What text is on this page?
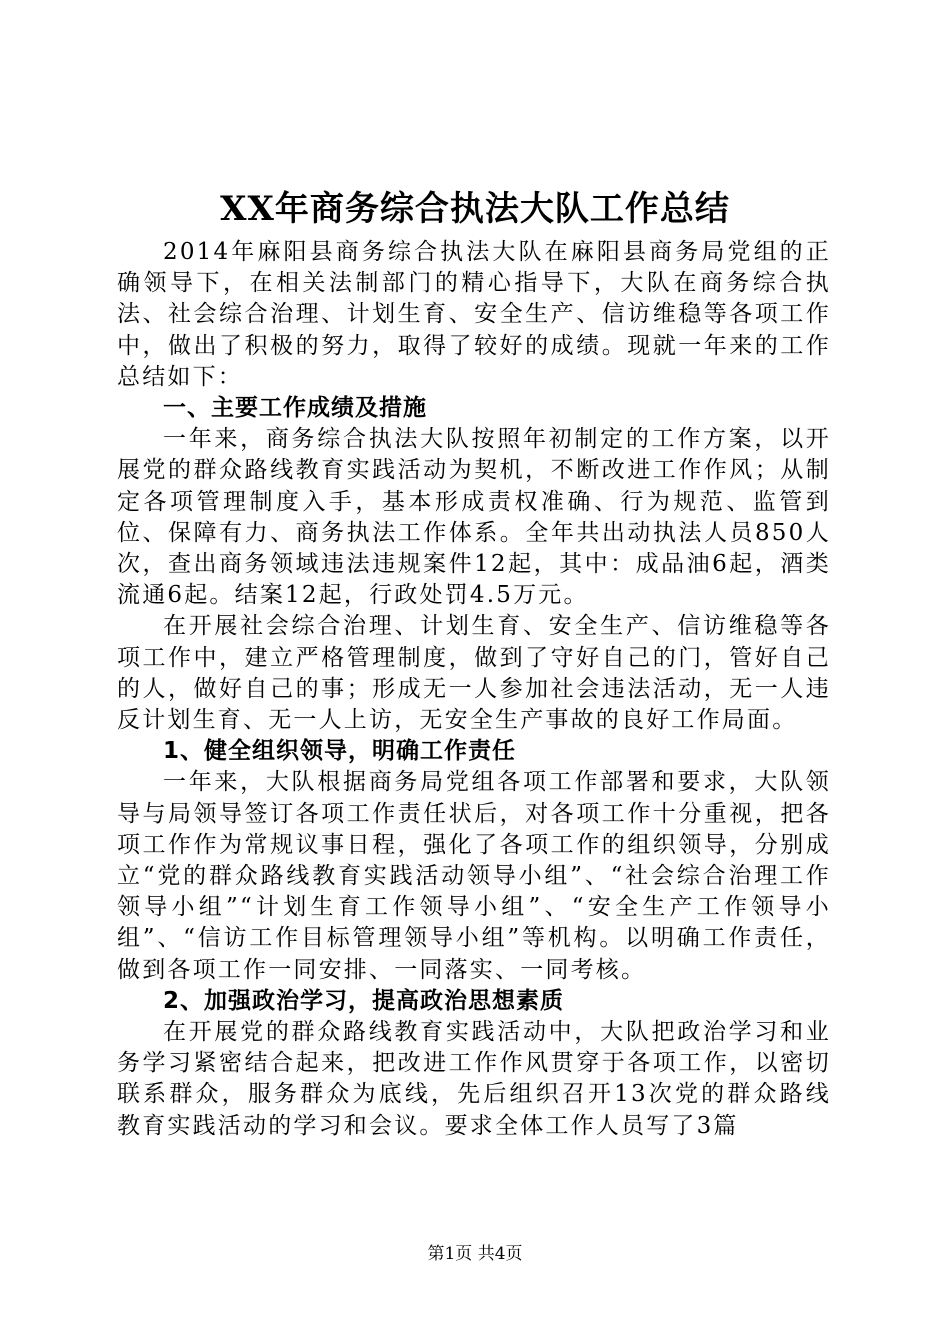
XX年商务综合执法大队工作总结

2014年麻阳县商务综合执法大队在麻阳县商务局党组的正确领导下，在相关法制部门的精心指导下，大队在商务综合执法、社会综合治理、计划生育、安全生产、信访维稳等各项工作中，做出了积极的努力，取得了较好的成绩。现就一年来的工作总结如下：

一、主要工作成绩及措施

一年来，商务综合执法大队按照年初制定的工作方案，以开展党的群众路线教育实践活动为契机，不断改进工作作风；从制定各项管理制度入手，基本形成责权准确、行为规范、监管到位、保障有力、商务执法工作体系。全年共出动执法人员850人次，查出商务领域违法违规案件12起，其中：成品油6起，酒类流通6起。结案12起，行政处罚4.5万元。

在开展社会综合治理、计划生育、安全生产、信访维稳等各项工作中，建立严格管理制度，做到了守好自己的门，管好自己的人，做好自己的事；形成无一人参加社会违法活动，无一人违反计划生育、无一人上访，无安全生产事故的良好工作局面。

1、健全组织领导，明确工作责任

一年来，大队根据商务局党组各项工作部署和要求，大队领导与局领导签订各项工作责任状后，对各项工作十分重视，把各项工作作为常规议事日程，强化了各项工作的组织领导，分别成立“党的群众路线教育实践活动领导小组”、“社会综合治理工作领导小组”“计划生育工作领导小组”、“安全生产工作领导小组”、“信访工作目标管理领导小组”等机构。以明确工作责任，做到各项工作一同安排、一同落实、一同考核。

2、加强政治学习，提高政治思想素质

在开展党的群众路线教育实践活动中，大队把政治学习和业务学习紧密结合起来，把改进工作作风贯穿于各项工作，以密切联系群众，服务群众为底线，先后组织召开13次党的群众路线教育实践活动的学习和会议。要求全体工作人员写了3篇

第1页 共4页
